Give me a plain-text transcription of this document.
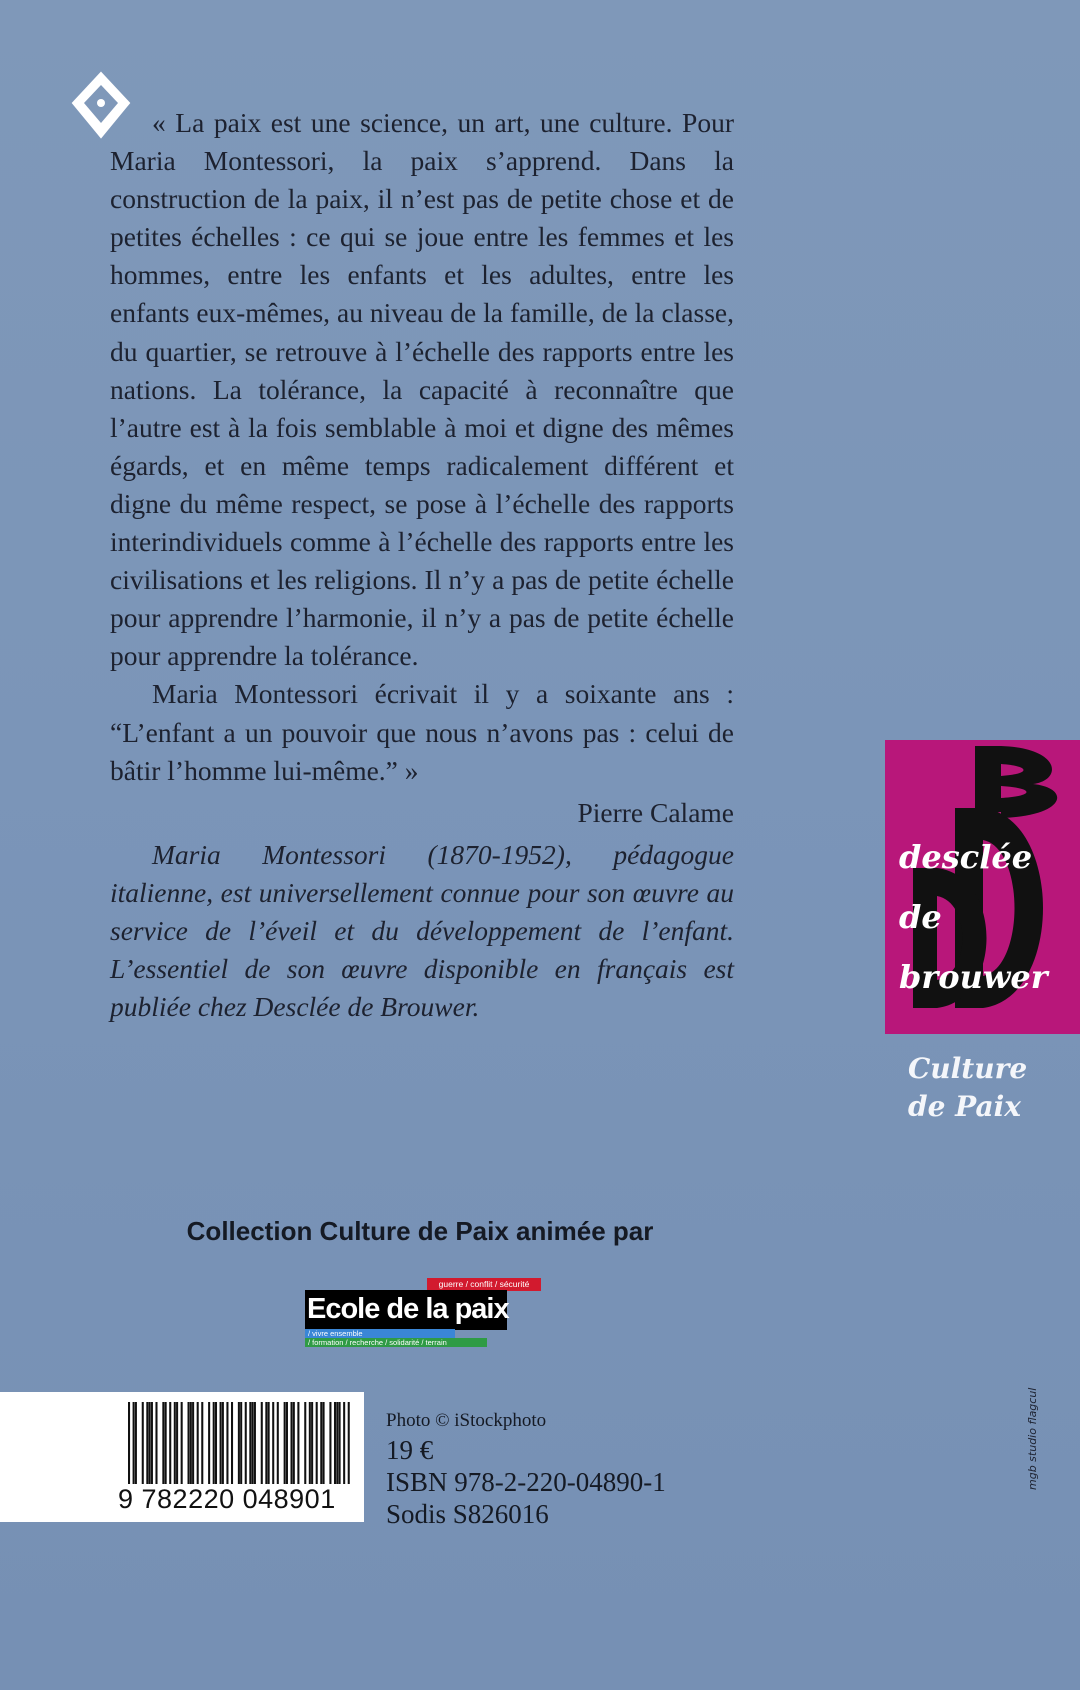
« La paix est une science, un art, une culture. Pour Maria Montessori, la paix s’apprend. Dans la construction de la paix, il n’est pas de petite chose et de petites échelles : ce qui se joue entre les femmes et les hommes, entre les enfants et les adultes, entre les enfants eux-mêmes, au niveau de la famille, de la classe, du quartier, se retrouve à l’échelle des rapports entre les nations. La tolérance, la capacité à reconnaître que l’autre est à la fois semblable à moi et digne des mêmes égards, et en même temps radicalement différent et digne du même respect, se pose à l’échelle des rapports interindividuels comme à l’échelle des rapports entre les civilisations et les religions. Il n’y a pas de petite échelle pour apprendre l’harmonie, il n’y a pas de petite échelle pour apprendre la tolérance.

Maria Montessori écrivait il y a soixante ans : “L’enfant a un pouvoir que nous n’avons pas : celui de bâtir l’homme lui-même.” »

Pierre Calame

Maria Montessori (1870-1952), pédagogue italienne, est universellement connue pour son œuvre au service de l’éveil et du développement de l’enfant. L’essentiel de son œuvre disponible en français est publiée chez Desclée de Brouwer.

Collection Culture de Paix animée par
guerre / conflit / sécurité
Ecole de la paix
/ vivre ensemble
/ formation / recherche / solidarité / terrain
desclée
de
brouwer
Culture
de Paix
9 782220 048901
Photo © iStockphoto
19 €
ISBN 978-2-220-04890-1
Sodis S826016
mgb studio flagcul
